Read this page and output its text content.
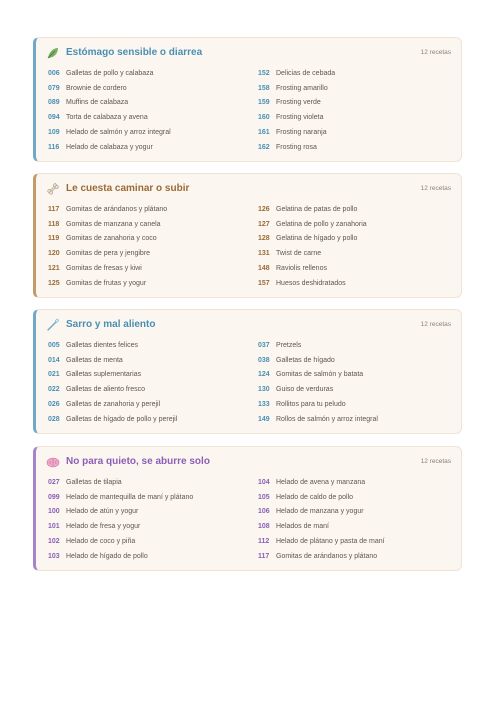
Estómago sensible o diarrea	12 recetas
006 Galletas de pollo y calabaza
079 Brownie de cordero
089 Muffins de calabaza
094 Torta de calabaza y avena
109 Helado de salmón y arroz integral
116 Helado de calabaza y yogur
152 Delicias de cebada
158 Frosting amarillo
159 Frosting verde
160 Frosting violeta
161 Frosting naranja
162 Frosting rosa
Le cuesta caminar o subir	12 recetas
117 Gomitas de arándanos y plátano
118 Gomitas de manzana y canela
119 Gomitas de zanahoria y coco
120 Gomitas de pera y jengibre
121 Gomitas de fresas y kiwi
125 Gomitas de frutas y yogur
126 Gelatina de patas de pollo
127 Gelatina de pollo y zanahoria
128 Gelatina de hígado y pollo
131 Twist de carne
148 Raviolis rellenos
157 Huesos deshidratados
Sarro y mal aliento	12 recetas
005 Galletas dientes felices
014 Galletas de menta
021 Galletas suplementarias
022 Galletas de aliento fresco
026 Galletas de zanahoria y perejil
028 Galletas de hígado de pollo y perejil
037 Pretzels
038 Galletas de hígado
124 Gomitas de salmón y batata
130 Guiso de verduras
133 Rollitos para tu peludo
149 Rollos de salmón y arroz integral
No para quieto, se aburre solo	12 recetas
027 Galletas de tilapia
099 Helado de mantequilla de maní y plátano
100 Helado de atún y yogur
101 Helado de fresa y yogur
102 Helado de coco y piña
103 Helado de hígado de pollo
104 Helado de avena y manzana
105 Helado de caldo de pollo
106 Helado de manzana y yogur
108 Helados de maní
112 Helado de plátano y pasta de maní
117 Gomitas de arándanos y plátano
